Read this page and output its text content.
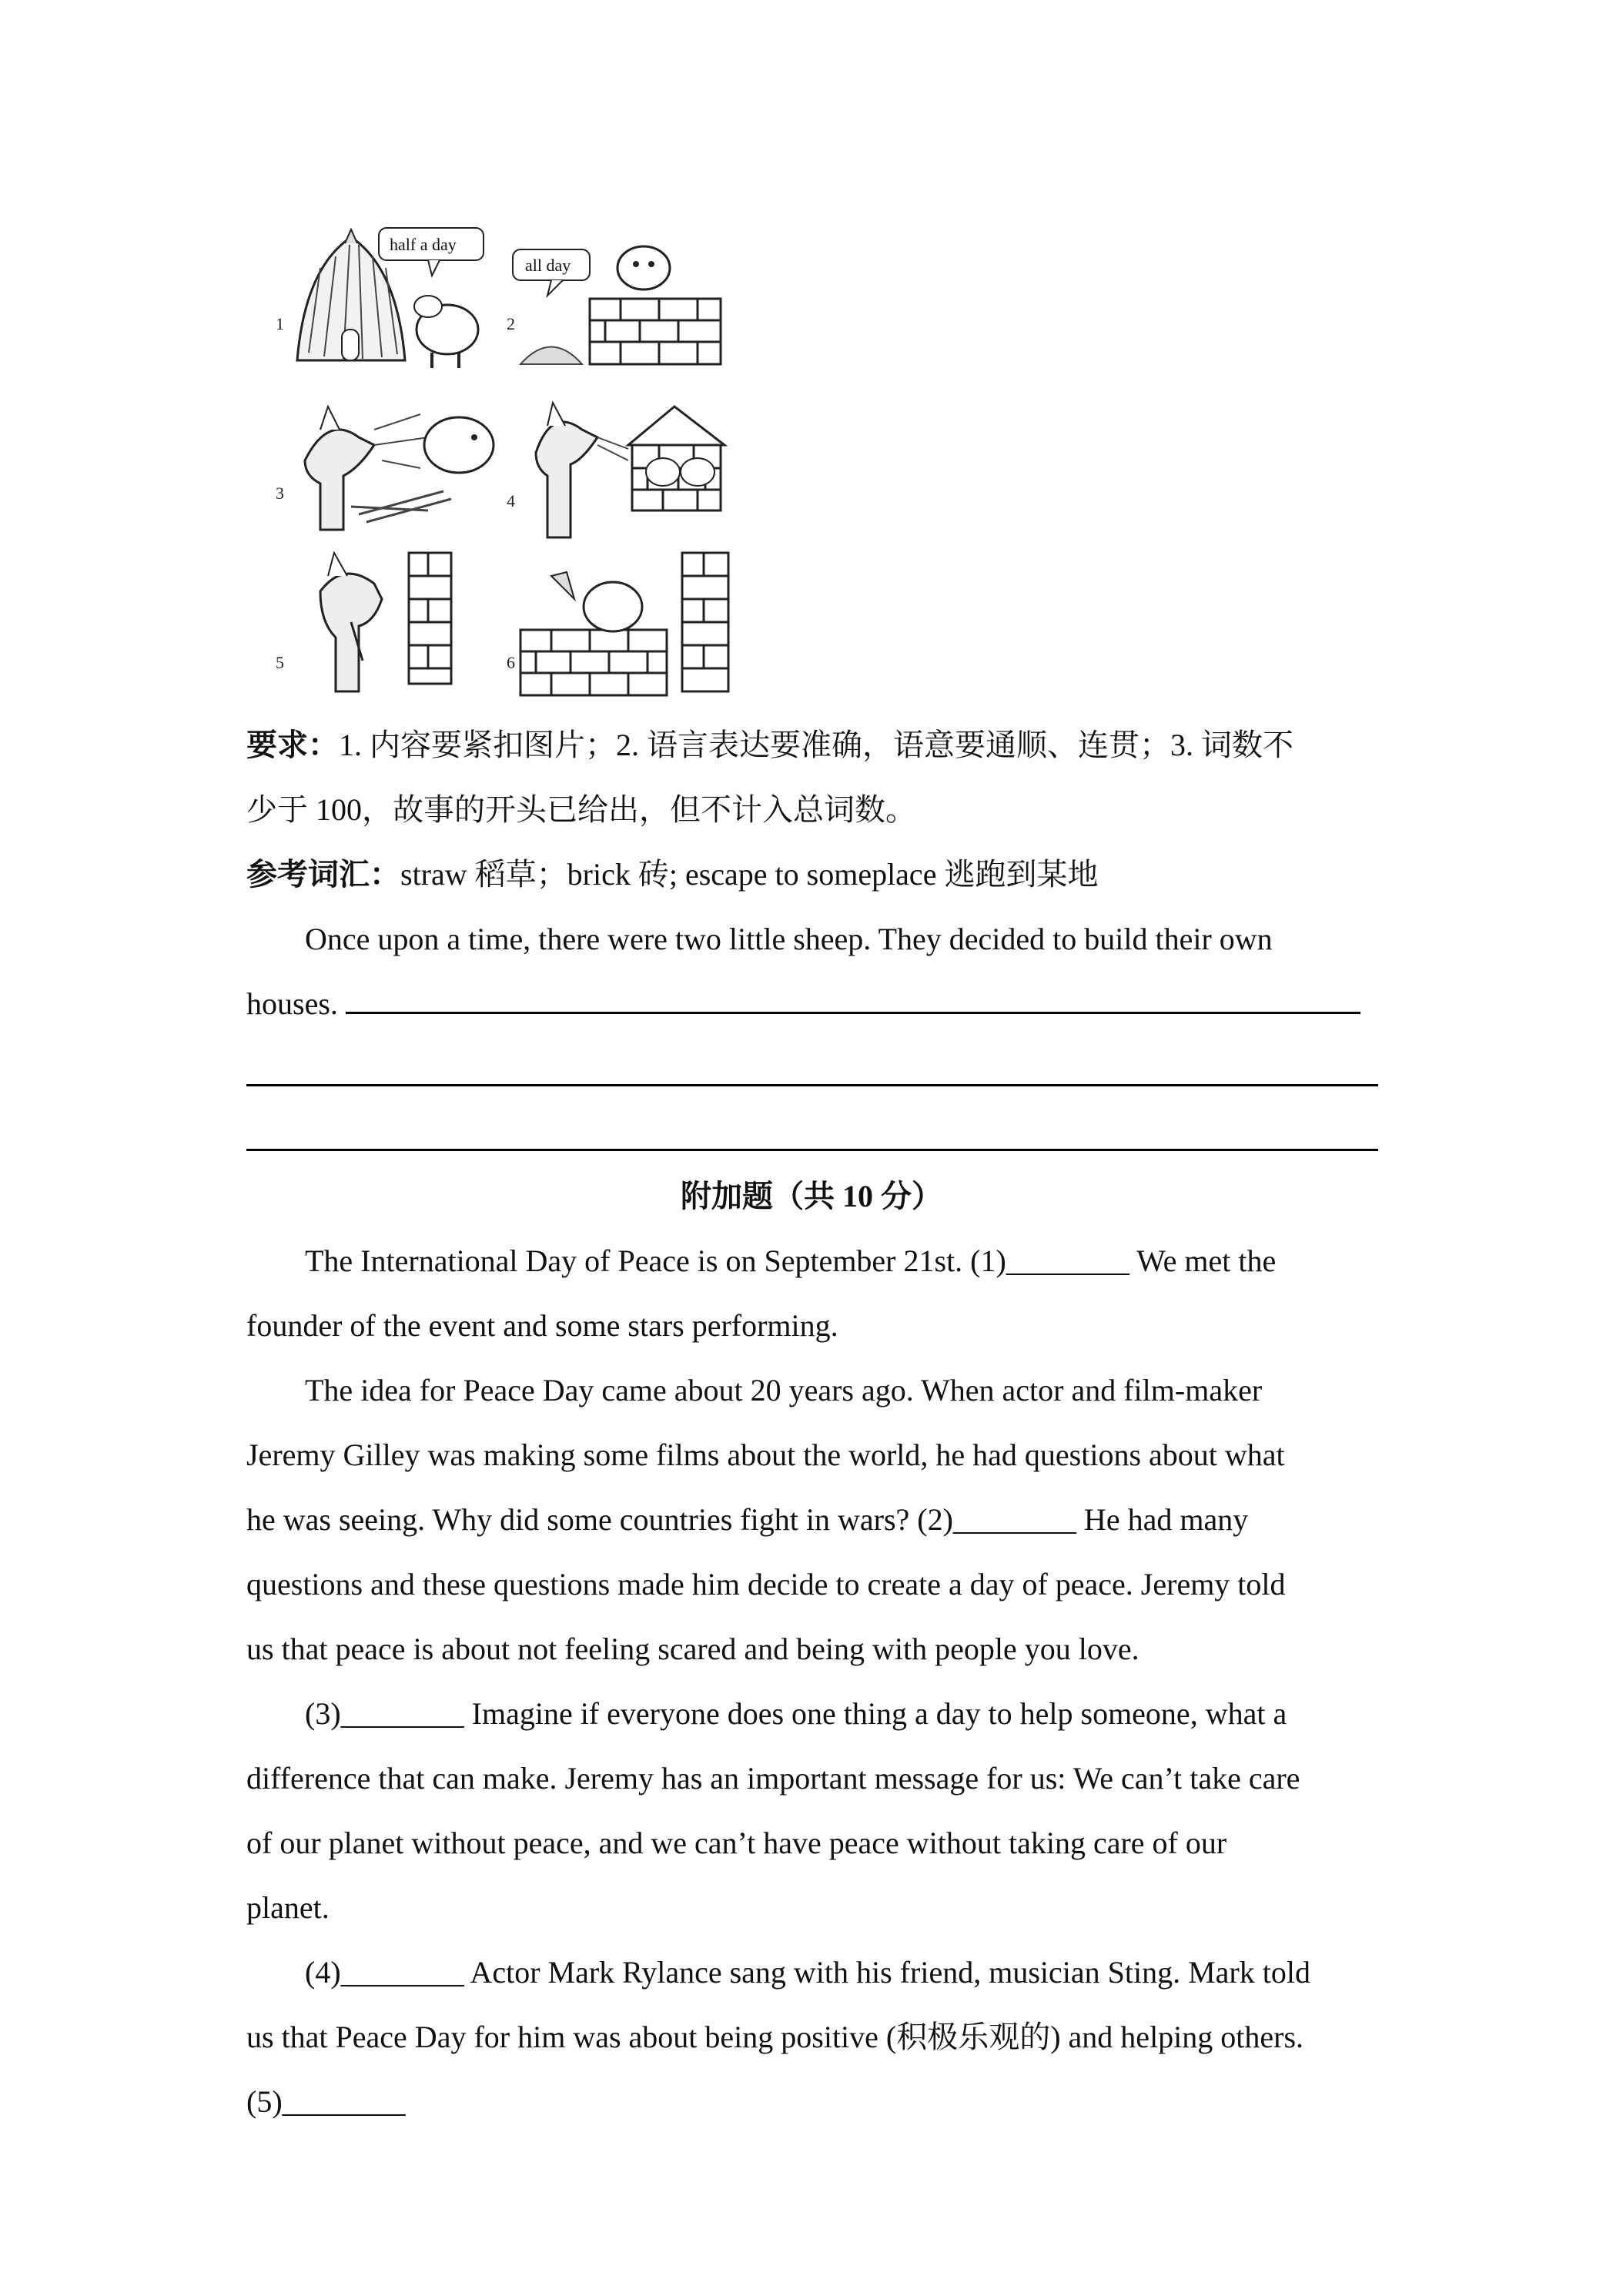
1
half a day
2
all day
3	4
5	6
要求：1. 内容要紧扣图片；2. 语言表达要准确，语意要通顺、连贯；3. 词数不
少于 100，故事的开头已给出，但不计入总词数。
参考词汇：straw 稻草；brick 砖; escape to someplace 逃跑到某地
Once upon a time, there were two little sheep. They decided to build their own
houses.
附加题（共 10 分）
The International Day of Peace is on September 21st. (1)________ We met the
founder of the event and some stars performing.
The idea for Peace Day came about 20 years ago. When actor and film-maker
Jeremy Gilley was making some films about the world, he had questions about what
he was seeing. Why did some countries fight in wars? (2)________ He had many
questions and these questions made him decide to create a day of peace. Jeremy told
us that peace is about not feeling scared and being with people you love.
(3)________ Imagine if everyone does one thing a day to help someone, what a
difference that can make. Jeremy has an important message for us: We can’t take care
of our planet without peace, and we can’t have peace without taking care of our
planet.
(4)________ Actor Mark Rylance sang with his friend, musician Sting. Mark told
us that Peace Day for him was about being positive (积极乐观的) and helping others.
(5)________
